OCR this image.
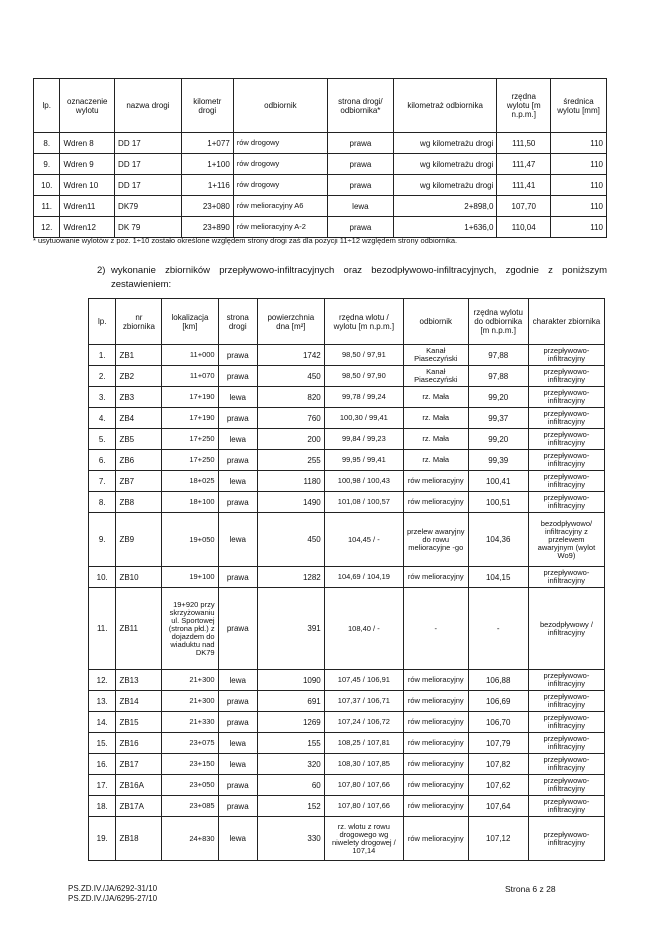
lp.	oznaczenie wylotu	nazwa drogi	kilometr drogi	odbiornik	strona drogi/ odbiornika*	kilometraż odbiornika	rzędna wylotu [m n.p.m.]	średnica wylotu [mm]
8.	Wdren 8	DD 17	1+077	rów drogowy	prawa	wg kilometrażu drogi	111,50	110
9.	Wdren 9	DD 17	1+100	rów drogowy	prawa	wg kilometrażu drogi	111,47	110
10.	Wdren 10	DD 17	1+116	rów drogowy	prawa	wg kilometrażu drogi	111,41	110
11.	Wdren11	DK79	23+080	rów melioracyjny A6	lewa	2+898,0	107,70	110
12.	Wdren12	DK 79	23+890	rów melioracyjny A-2	prawa	1+636,0	110,04	110
* usytuowanie wylotów z poz. 1÷10 zostało określone względem strony drogi zaś dla pozycji 11÷12 względem strony odbiornika.
2) wykonanie zbiorników przepływowo-infiltracyjnych oraz bezodpływowo-infiltracyjnych, zgodnie z poniższym zestawieniem:
lp.	nr zbiornika	lokalizacja [km]	strona drogi	powierzchnia dna [m²]	rzędna wlotu / wylotu [m n.p.m.]	odbiornik	rzędna wylotu do odbiornika [m n.p.m.]	charakter zbiornika
1.	ZB1	11+000	prawa	1742	98,50 / 97,91	Kanał Piaseczyński	97,88	przepływowo-infiltracyjny
2.	ZB2	11+070	prawa	450	98,50 / 97,90	Kanał Piaseczyński	97,88	przepływowo-infiltracyjny
3.	ZB3	17+190	lewa	820	99,78 / 99,24	rz. Mała	99,20	przepływowo-infiltracyjny
4.	ZB4	17+190	prawa	760	100,30 / 99,41	rz. Mała	99,37	przepływowo-infiltracyjny
5.	ZB5	17+250	lewa	200	99,84 / 99,23	rz. Mała	99,20	przepływowo-infiltracyjny
6.	ZB6	17+250	prawa	255	99,95 / 99,41	rz. Mała	99,39	przepływowo-infiltracyjny
7.	ZB7	18+025	lewa	1180	100,98 / 100,43	rów melioracyjny	100,41	przepływowo-infiltracyjny
8.	ZB8	18+100	prawa	1490	101,08 / 100,57	rów melioracyjny	100,51	przepływowo-infiltracyjny
9.	ZB9	19+050	lewa	450	104,45 / -	przelew awaryjny do rowu melioracyjne -go	104,36	bezodpływowo/ infiltracyjny z przelewem awaryjnym (wylot Wo9)
10.	ZB10	19+100	prawa	1282	104,69 / 104,19	rów melioracyjny	104,15	przepływowo-infiltracyjny
11.	ZB11	19+920 przy skrzyżowaniu ul. Sportowej (strona płd.) z dojazdem do wiaduktu nad DK79	prawa	391	108,40 / -	-	-	bezodpływowy / infiltracyjny
12.	ZB13	21+300	lewa	1090	107,45 / 106,91	rów melioracyjny	106,88	przepływowo-infiltracyjny
13.	ZB14	21+300	prawa	691	107,37 / 106,71	rów melioracyjny	106,69	przepływowo-infiltracyjny
14.	ZB15	21+330	prawa	1269	107,24 / 106,72	rów melioracyjny	106,70	przepływowo-infiltracyjny
15.	ZB16	23+075	lewa	155	108,25 / 107,81	rów melioracyjny	107,79	przepływowo-infiltracyjny
16.	ZB17	23+150	lewa	320	108,30 / 107,85	rów melioracyjny	107,82	przepływowo-infiltracyjny
17.	ZB16A	23+050	prawa	60	107,80 / 107,66	rów melioracyjny	107,62	przepływowo-infiltracyjny
18.	ZB17A	23+085	prawa	152	107,80 / 107,66	rów melioracyjny	107,64	przepływowo-infiltracyjny
19.	ZB18	24+830	lewa	330	rz. wlotu z rowu drogowego wg niwelety drogowej / 107,14	rów melioracyjny	107,12	przepływowo-infiltracyjny
PS.ZD.IV./JA/6292-31/10
PS.ZD.IV./JA/6295-27/10
Strona 6 z 28
